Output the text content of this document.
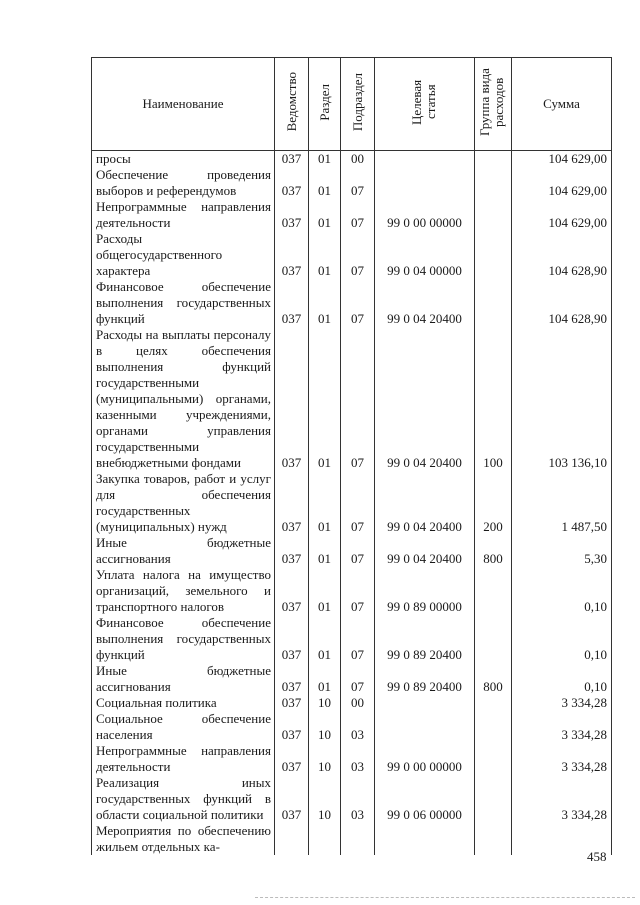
Наименование	Ведомство	Раздел	Подраздел	Целевая статья	Группа вида расходов	Сумма
просы	037	01	00			104 629,00
Обеспечение проведения выборов и референдумов	037	01	07			104 629,00
Непрограммные направления деятельности	037	01	07	99 0 00 00000		104 629,00
Расходы общегосударственного характера	037	01	07	99 0 04 00000		104 628,90
Финансовое обеспечение выполнения государственных функций	037	01	07	99 0 04 20400		104 628,90
Расходы на выплаты персоналу в целях обеспечения выполнения функций государственными (муниципальными) органами, казенными учреждениями, органами управления государственными внебюджетными фондами	037	01	07	99 0 04 20400	100	103 136,10
Закупка товаров, работ и услуг для обеспечения государственных (муниципальных) нужд	037	01	07	99 0 04 20400	200	1 487,50
Иные бюджетные ассигнования	037	01	07	99 0 04 20400	800	5,30
Уплата налога на имущество организаций, земельного и транспортного налогов	037	01	07	99 0 89 00000		0,10
Финансовое обеспечение выполнения государственных функций	037	01	07	99 0 89 20400		0,10
Иные бюджетные ассигнования	037	01	07	99 0 89 20400	800	0,10
Социальная политика	037	10	00			3 334,28
Социальное обеспечение населения	037	10	03			3 334,28
Непрограммные направления деятельности	037	10	03	99 0 00 00000		3 334,28
Реализация иных государственных функций в области социальной политики	037	10	03	99 0 06 00000		3 334,28
Мероприятия по обеспечению жильем отдельных ка-						
458
